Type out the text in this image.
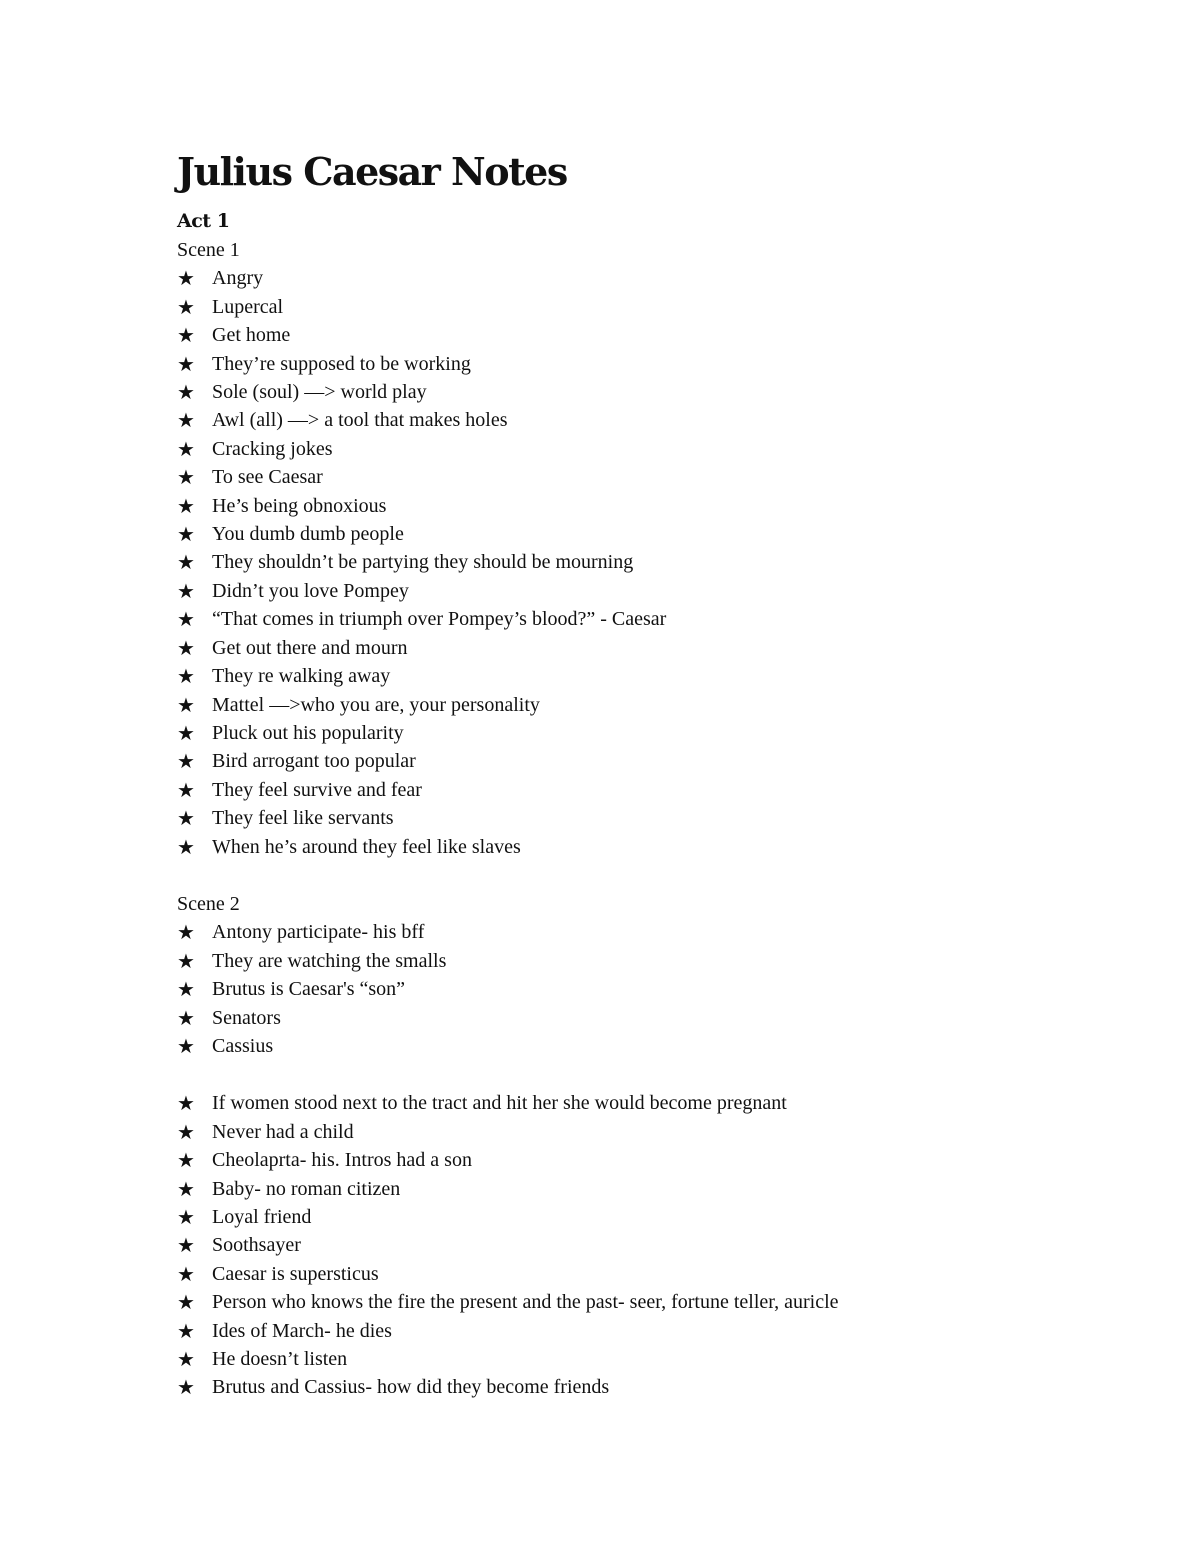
Julius Caesar Notes
Act 1
Scene 1
★ Angry
★ Lupercal
★ Get home
★ They’re supposed to be working
★ Sole (soul) —> world play
★ Awl (all) —> a tool that makes holes
★ Cracking jokes
★ To see Caesar
★ He’s being obnoxious
★ You dumb dumb people
★ They shouldn’t be partying they should be mourning
★ Didn’t you love Pompey
★ “That comes in triumph over Pompey’s blood?” - Caesar
★ Get out there and mourn
★ They re walking away
★ Mattel —>who you are, your personality
★ Pluck out his popularity
★ Bird arrogant too popular
★ They feel survive and fear
★ They feel like servants
★ When he’s around they feel like slaves
Scene 2
★ Antony participate- his bff
★ They are watching the smalls
★ Brutus is Caesar's “son”
★ Senators
★ Cassius
★ If women stood next to the tract and hit her she would become pregnant
★ Never had a child
★ Cheolaprta- his. Intros had a son
★ Baby- no roman citizen
★ Loyal friend
★ Soothsayer
★ Caesar is supersticus
★ Person who knows the fire the present and the past- seer, fortune teller, auricle
★ Ides of March- he dies
★ He doesn’t listen
★ Brutus and Cassius- how did they become friends
